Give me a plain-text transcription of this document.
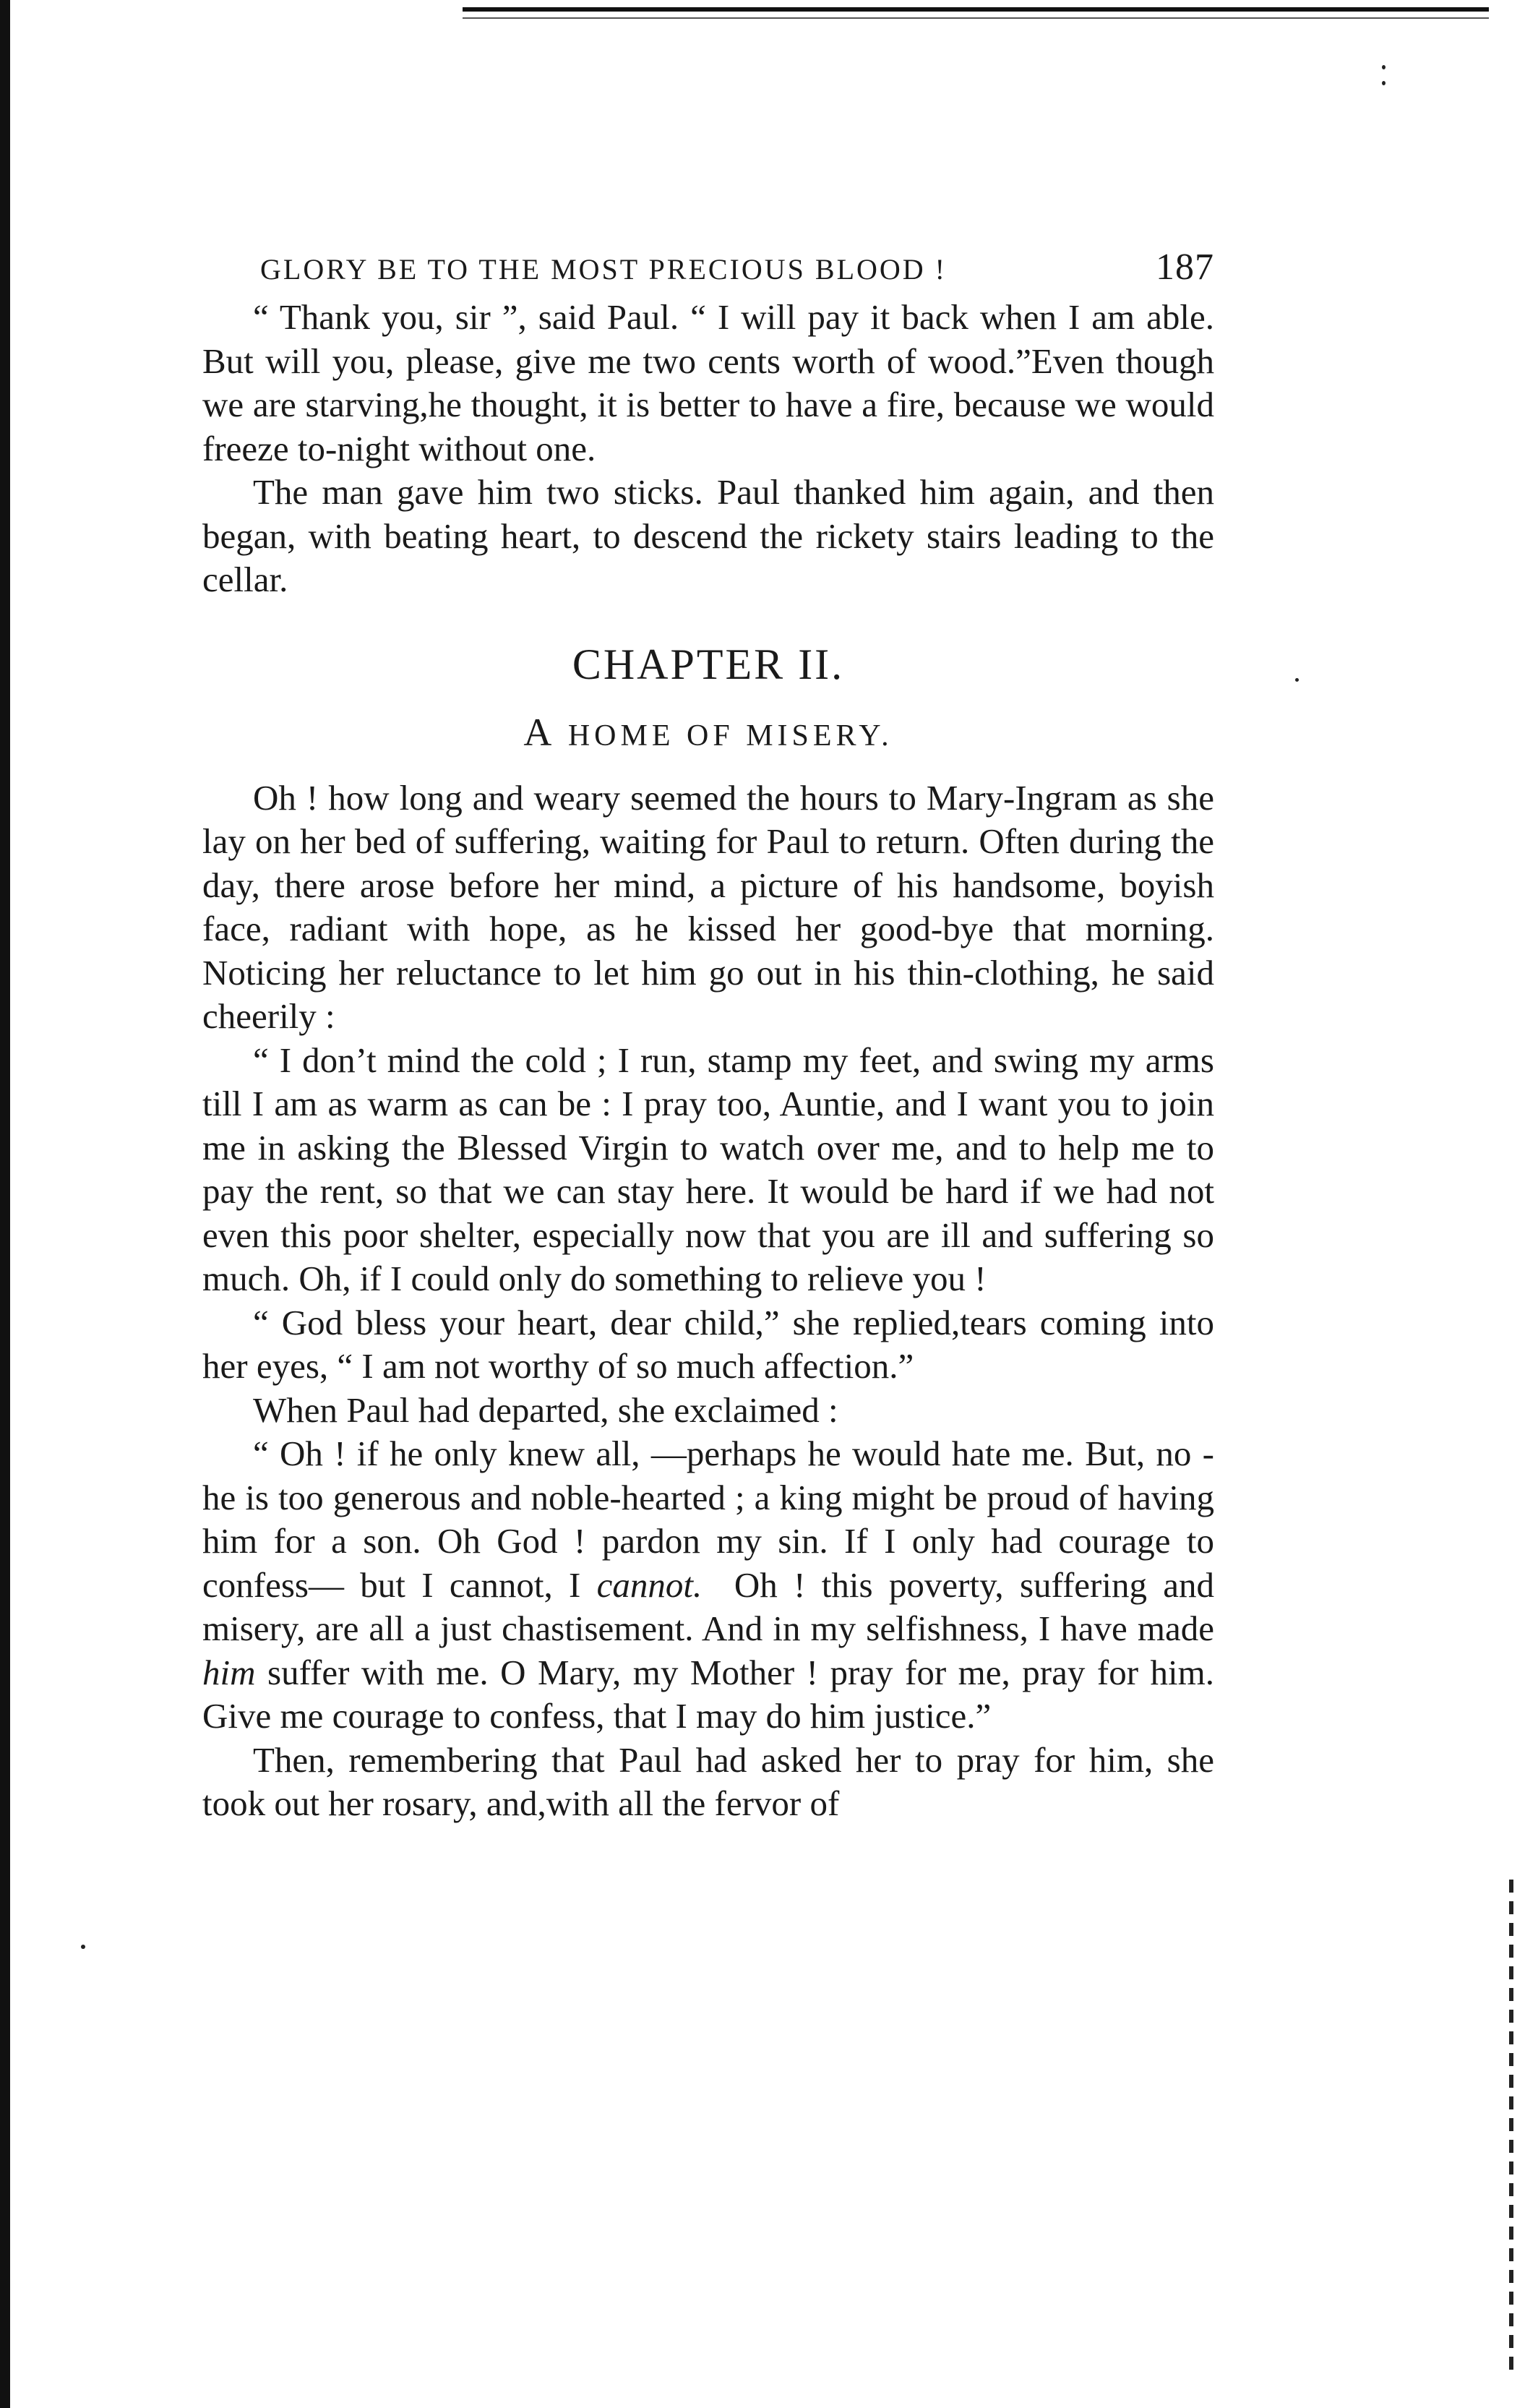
GLORY BE TO THE MOST PRECIOUS BLOOD !	187

“ Thank you, sir ”, said Paul. “ I will pay it back when I am able. But will you, please, give me two cents worth of wood.”Even though we are starving,he thought, it is better to have a fire, because we would freeze to-night without one.

The man gave him two sticks. Paul thanked him again, and then began, with beating heart, to descend the rickety stairs leading to the cellar.

CHAPTER II.
A HOME OF MISERY.

Oh ! how long and weary seemed the hours to Mary-Ingram as she lay on her bed of suffering, waiting for Paul to return. Often during the day, there arose before her mind, a picture of his handsome, boyish face, radiant with hope, as he kissed her good-bye that morning. Noticing her reluctance to let him go out in his thin-clothing, he said cheerily :

“ I don’t mind the cold ; I run, stamp my feet, and swing my arms till I am as warm as can be : I pray too, Auntie, and I want you to join me in asking the Blessed Virgin to watch over me, and to help me to pay the rent, so that we can stay here. It would be hard if we had not even this poor shelter, especially now that you are ill and suffering so much. Oh, if I could only do something to relieve you !

“ God bless your heart, dear child,” she replied,tears coming into her eyes, “ I am not worthy of so much affection.”

When Paul had departed, she exclaimed :

“ Oh ! if he only knew all, —perhaps he would hate me. But, no -he is too generous and noble-hearted ; a king might be proud of having him for a son. Oh God ! pardon my sin. If I only had courage to confess— but I cannot, I cannot. Oh ! this poverty, suffering and misery, are all a just chastisement. And in my selfishness, I have made him suffer with me. O Mary, my Mother ! pray for me, pray for him. Give me courage to confess, that I may do him justice.”

Then, remembering that Paul had asked her to pray for him, she took out her rosary, and,with all the fervor of
